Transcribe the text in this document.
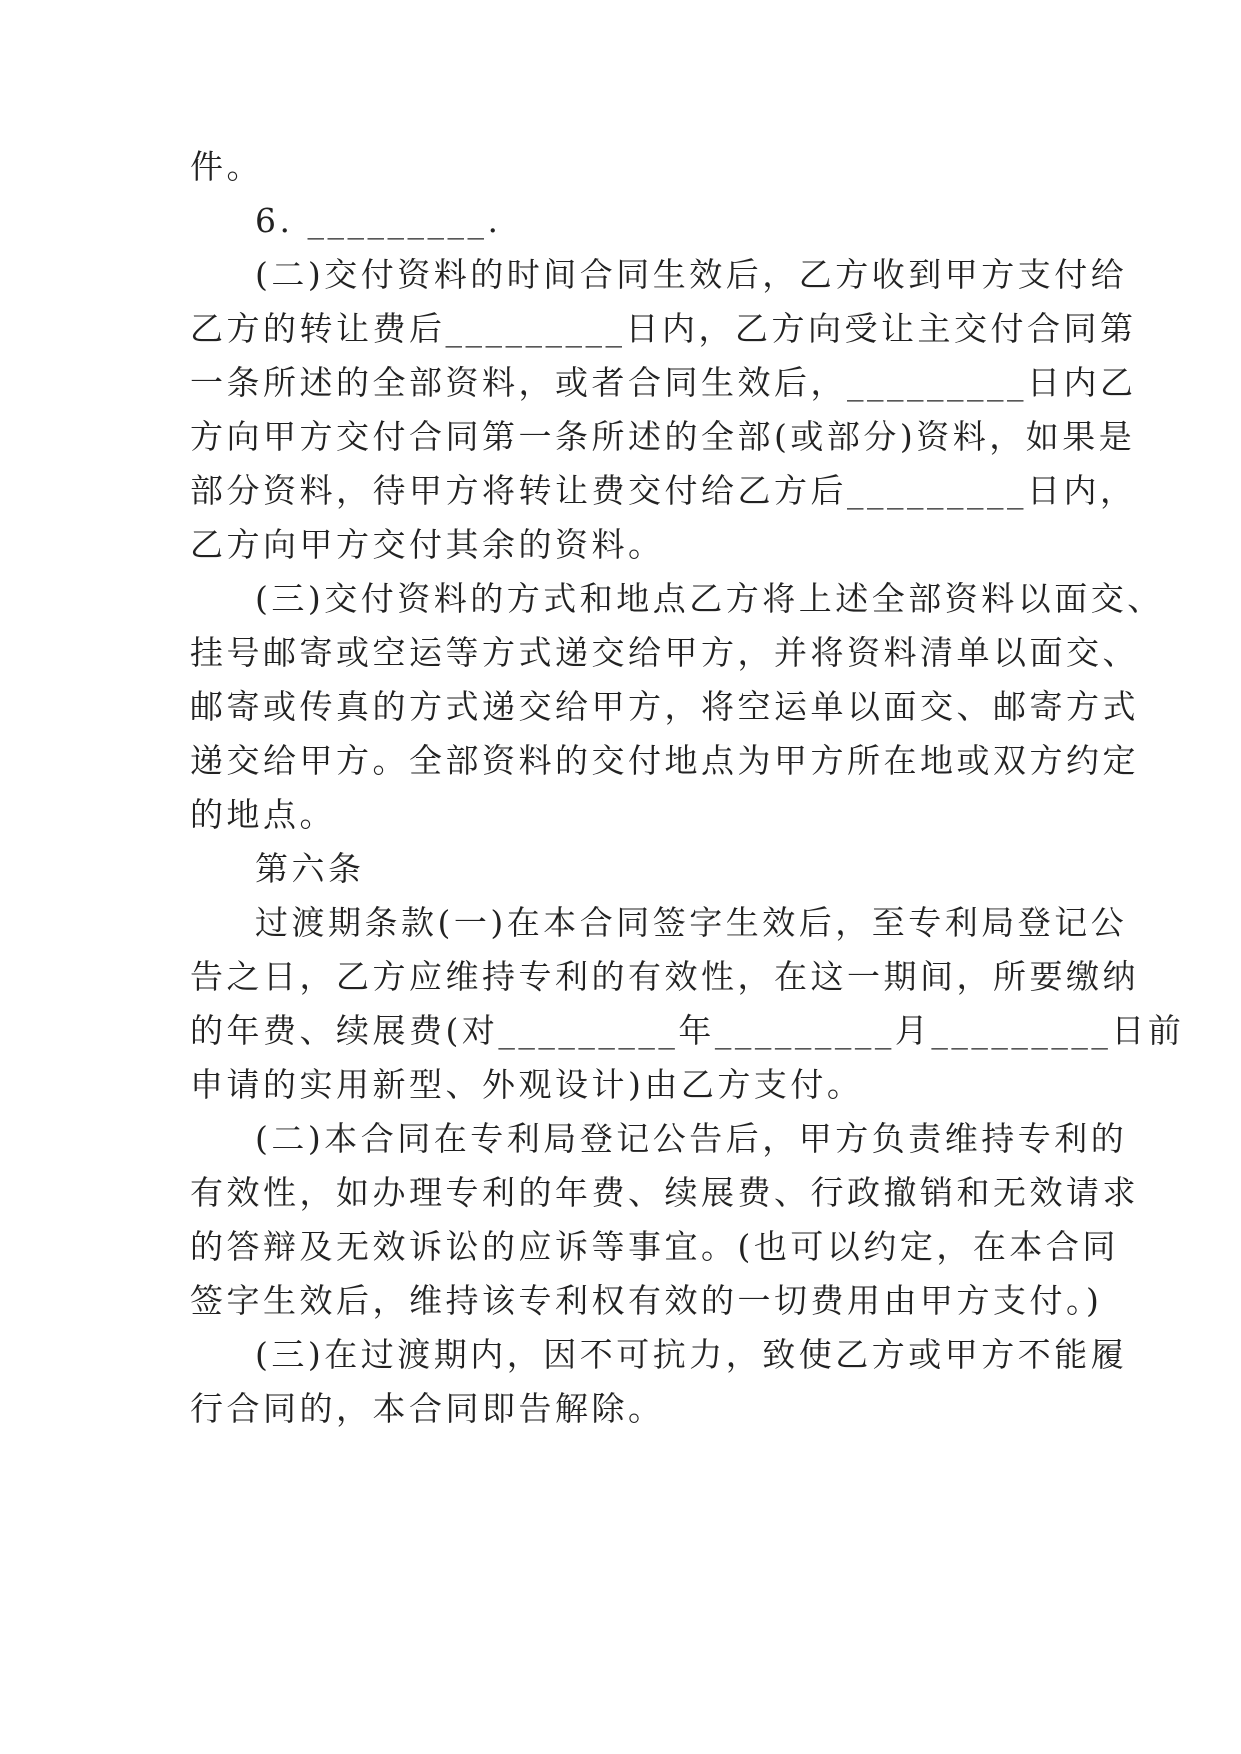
件。
6. _________.
(二)交付资料的时间合同生效后，乙方收到甲方支付给
乙方的转让费后_________日内，乙方向受让主交付合同第
一条所述的全部资料，或者合同生效后，_________日内乙
方向甲方交付合同第一条所述的全部(或部分)资料，如果是
部分资料，待甲方将转让费交付给乙方后_________日内，
乙方向甲方交付其余的资料。
(三)交付资料的方式和地点乙方将上述全部资料以面交、
挂号邮寄或空运等方式递交给甲方，并将资料清单以面交、
邮寄或传真的方式递交给甲方，将空运单以面交、邮寄方式
递交给甲方。全部资料的交付地点为甲方所在地或双方约定
的地点。
第六条
过渡期条款(一)在本合同签字生效后，至专利局登记公
告之日，乙方应维持专利的有效性，在这一期间，所要缴纳
的年费、续展费(对_________年_________月_________日前
申请的实用新型、外观设计)由乙方支付。
(二)本合同在专利局登记公告后，甲方负责维持专利的
有效性，如办理专利的年费、续展费、行政撤销和无效请求
的答辩及无效诉讼的应诉等事宜。(也可以约定，在本合同
签字生效后，维持该专利权有效的一切费用由甲方支付。)
(三)在过渡期内，因不可抗力，致使乙方或甲方不能履
行合同的，本合同即告解除。
